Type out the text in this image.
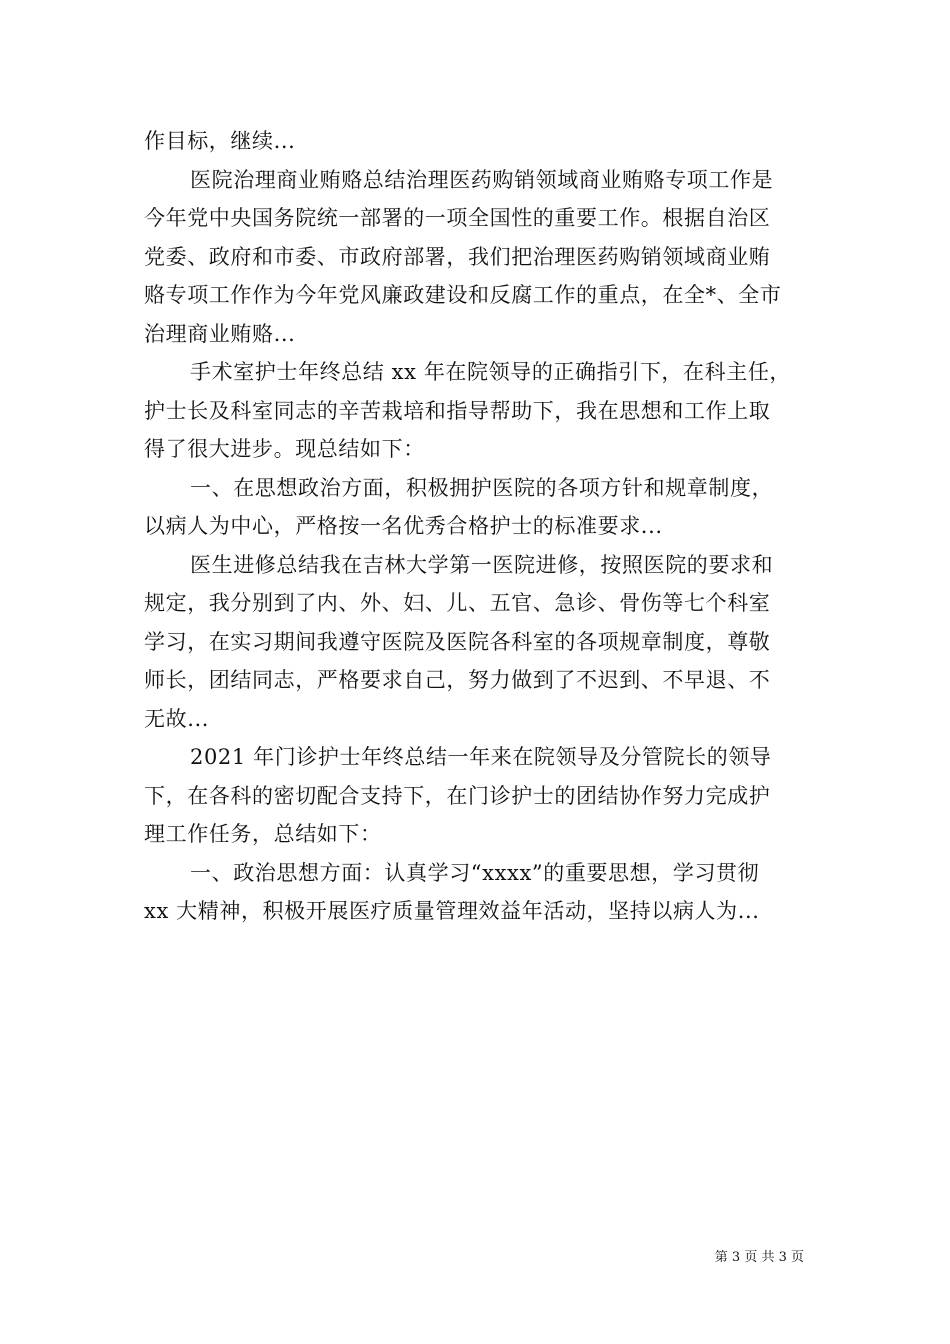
作目标，继续...
医院治理商业贿赂总结治理医药购销领域商业贿赂专项工作是
今年党中央国务院统一部署的一项全国性的重要工作。根据自治区
党委、政府和市委、市政府部署，我们把治理医药购销领域商业贿
赂专项工作作为今年党风廉政建设和反腐工作的重点，在全*、全市
治理商业贿赂...
手术室护士年终总结 xx 年在院领导的正确指引下，在科主任，
护士长及科室同志的辛苦栽培和指导帮助下，我在思想和工作上取
得了很大进步。现总结如下：
一、在思想政治方面，积极拥护医院的各项方针和规章制度，
以病人为中心，严格按一名优秀合格护士的标准要求...
医生进修总结我在吉林大学第一医院进修，按照医院的要求和
规定，我分别到了内、外、妇、儿、五官、急诊、骨伤等七个科室
学习，在实习期间我遵守医院及医院各科室的各项规章制度，尊敬
师长，团结同志，严格要求自己，努力做到了不迟到、不早退、不
无故...
2021 年门诊护士年终总结一年来在院领导及分管院长的领导
下，在各科的密切配合支持下，在门诊护士的团结协作努力完成护
理工作任务，总结如下：
一、政治思想方面：认真学习“xxxx”的重要思想，学习贯彻
xx 大精神，积极开展医疗质量管理效益年活动，坚持以病人为...
第 3 页 共 3 页
